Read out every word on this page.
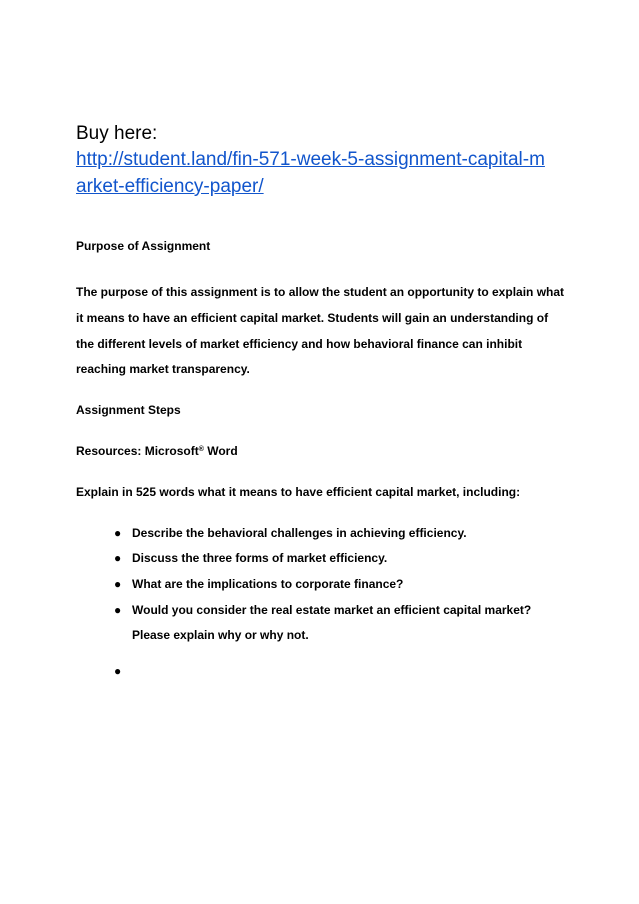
Buy here:

http://student.land/fin-571-week-5-assignment-capital-m
arket-efficiency-paper/
Purpose of Assignment
The purpose of this assignment is to allow the student an opportunity to explain what
it means to have an efficient capital market. Students will gain an understanding of
the different levels of market efficiency and how behavioral finance can inhibit
reaching market transparency.
Assignment Steps
Resources: Microsoft® Word
Explain in 525 words what it means to have efficient capital market, including:
● Describe the behavioral challenges in achieving efficiency.
● Discuss the three forms of market efficiency.
● What are the implications to corporate finance?
● Would you consider the real estate market an efficient capital market?
Please explain why or why not.
●
